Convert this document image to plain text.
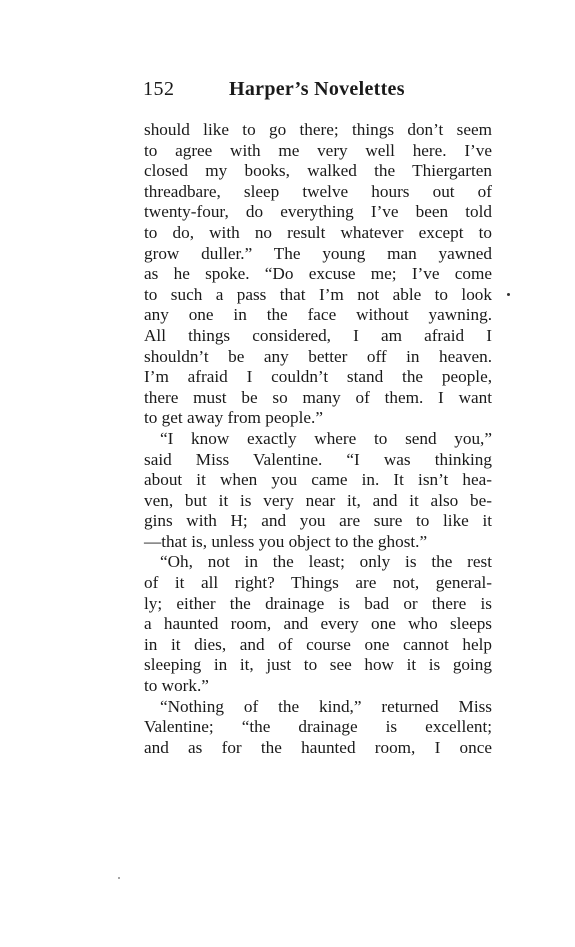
152	Harper’s Novelettes
should like to go there; things don’t seem
to agree with me very well here. I’ve
closed my books, walked the Thiergarten
threadbare, sleep twelve hours out of
twenty-four, do everything I’ve been told
to do, with no result whatever except to
grow duller.” The young man yawned
as he spoke. “Do excuse me; I’ve come
to such a pass that I’m not able to look
any one in the face without yawning.
All things considered, I am afraid I
shouldn’t be any better off in heaven.
I’m afraid I couldn’t stand the people,
there must be so many of them. I want
to get away from people.”
“I know exactly where to send you,”
said Miss Valentine. “I was thinking
about it when you came in. It isn’t hea-
ven, but it is very near it, and it also be-
gins with H; and you are sure to like it
—that is, unless you object to the ghost.”
“Oh, not in the least; only is the rest
of it all right? Things are not, general-
ly; either the drainage is bad or there is
a haunted room, and every one who sleeps
in it dies, and of course one cannot help
sleeping in it, just to see how it is going
to work.”
“Nothing of the kind,” returned Miss
Valentine; “the drainage is excellent;
and as for the haunted room, I once
